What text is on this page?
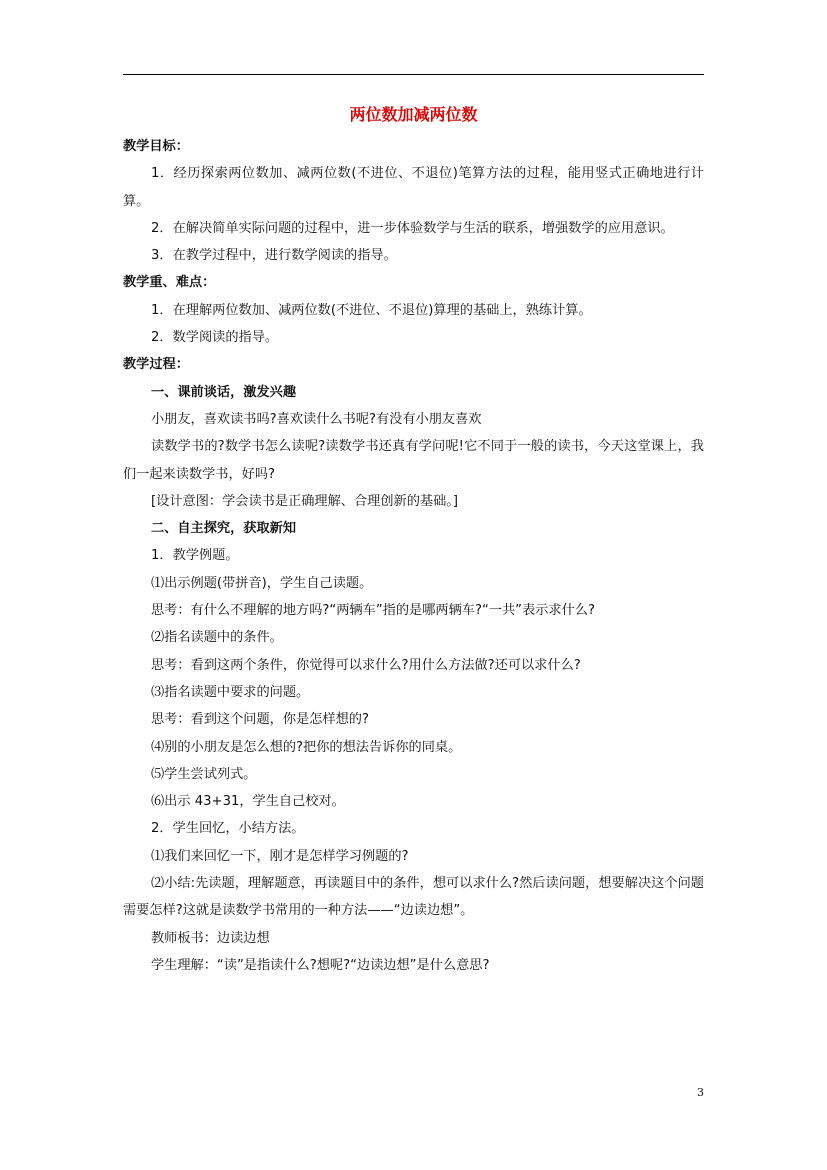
两位数加减两位数

教学目标：

1．经历探索两位数加、减两位数(不进位、不退位)笔算方法的过程，能用竖式正确地进行计算。

2．在解决简单实际问题的过程中，进一步体验数学与生活的联系，增强数学的应用意识。

3．在教学过程中，进行数学阅读的指导。

教学重、难点：

1．在理解两位数加、减两位数(不进位、不退位)算理的基础上，熟练计算。

2．数学阅读的指导。

教学过程：

一、课前谈话，激发兴趣

小朋友，喜欢读书吗?喜欢读什么书呢?有没有小朋友喜欢

读数学书的?数学书怎么读呢?读数学书还真有学问呢!它不同于一般的读书，今天这堂课上，我们一起来读数学书，好吗?

[设计意图：学会读书是正确理解、合理创新的基础。]

二、自主探究，获取新知

1．教学例题。

⑴出示例题(带拼音)，学生自己读题。

思考：有什么不理解的地方吗?“两辆车”指的是哪两辆车?“一共”表示求什么?

⑵指名读题中的条件。

思考：看到这两个条件，你觉得可以求什么?用什么方法做?还可以求什么?

⑶指名读题中要求的问题。

思考：看到这个问题，你是怎样想的?

⑷别的小朋友是怎么想的?把你的想法告诉你的同桌。

⑸学生尝试列式。

⑹出示 43+31，学生自己校对。

2．学生回忆，小结方法。

⑴我们来回忆一下，刚才是怎样学习例题的?

⑵小结:先读题，理解题意，再读题目中的条件，想可以求什么?然后读问题，想要解决这个问题需要怎样?这就是读数学书常用的一种方法——“边读边想”。

教师板书：边读边想

学生理解：“读”是指读什么?想呢?“边读边想”是什么意思?

3
